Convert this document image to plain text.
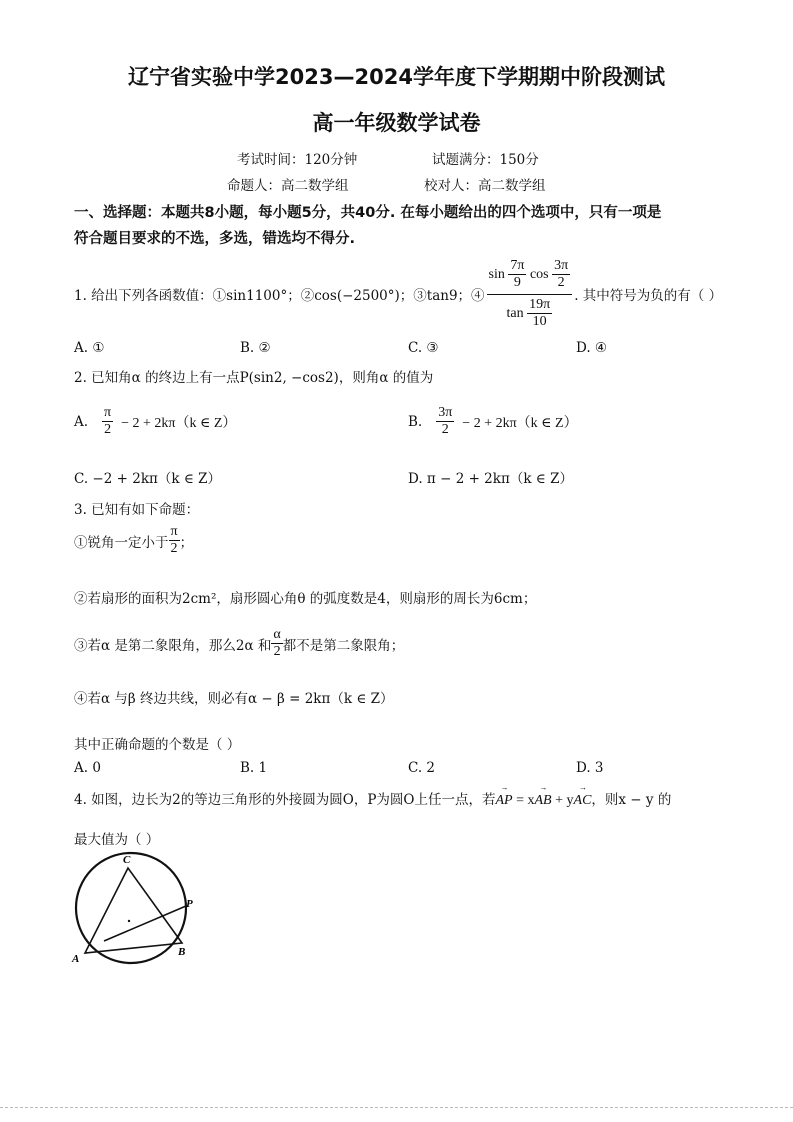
辽宁省实验中学2023—2024学年度下学期期中阶段测试
高一年级数学试卷
考试时间：120分钟	试题满分：150分
命题人：高二数学组	校对人：高二数学组
一、选择题：本题共8小题，每小题5分，共40分. 在每小题给出的四个选项中，只有一项是
符合题目要求的不选，多选，错选均不得分.
1. 给出下列各函数值：①sin1100°；②cos(−2500°)；③tan9；④ $\frac{\sin \frac{7\pi}{9} \cos \frac{3\pi}{2}}{\tan \frac{19\pi}{10}}$ . 其中符号为负的有（ ）
A. ①	B. ②	C. ③	D. ④
2. 已知角α 的终边上有一点P(sin2, −cos2)，则角α 的值为
A. $\frac{\pi}{2} - 2 + 2k\pi(k$ ∈ Z）	B. $\frac{3\pi}{2} - 2 + 2k\pi(k$ ∈ Z）
C. −2 + 2kπ（k ∈ Z）	D. π − 2 + 2kπ（k ∈ Z）
3. 已知有如下命题：
①锐角一定小于 $\frac{\pi}{2}$ ；
②若扇形的面积为2cm²，扇形圆心角θ 的弧度数是4，则扇形的周长为6cm；
③若α 是第二象限角，那么2α 和 $\frac{\alpha}{2}$ 都不是第二象限角；
④若α 与β 终边共线，则必有α − β = 2kπ（k ∈ Z）
其中正确命题的个数是（ ）
A. 0	B. 1	C. 2	D. 3
4. 如图，边长为2的等边三角形的外接圆为圆O，P为圆O上任一点，若
→
AP = x
→
AB + y
→
AC，则x − y 的
最大值为（ ）
C
P
A
B
